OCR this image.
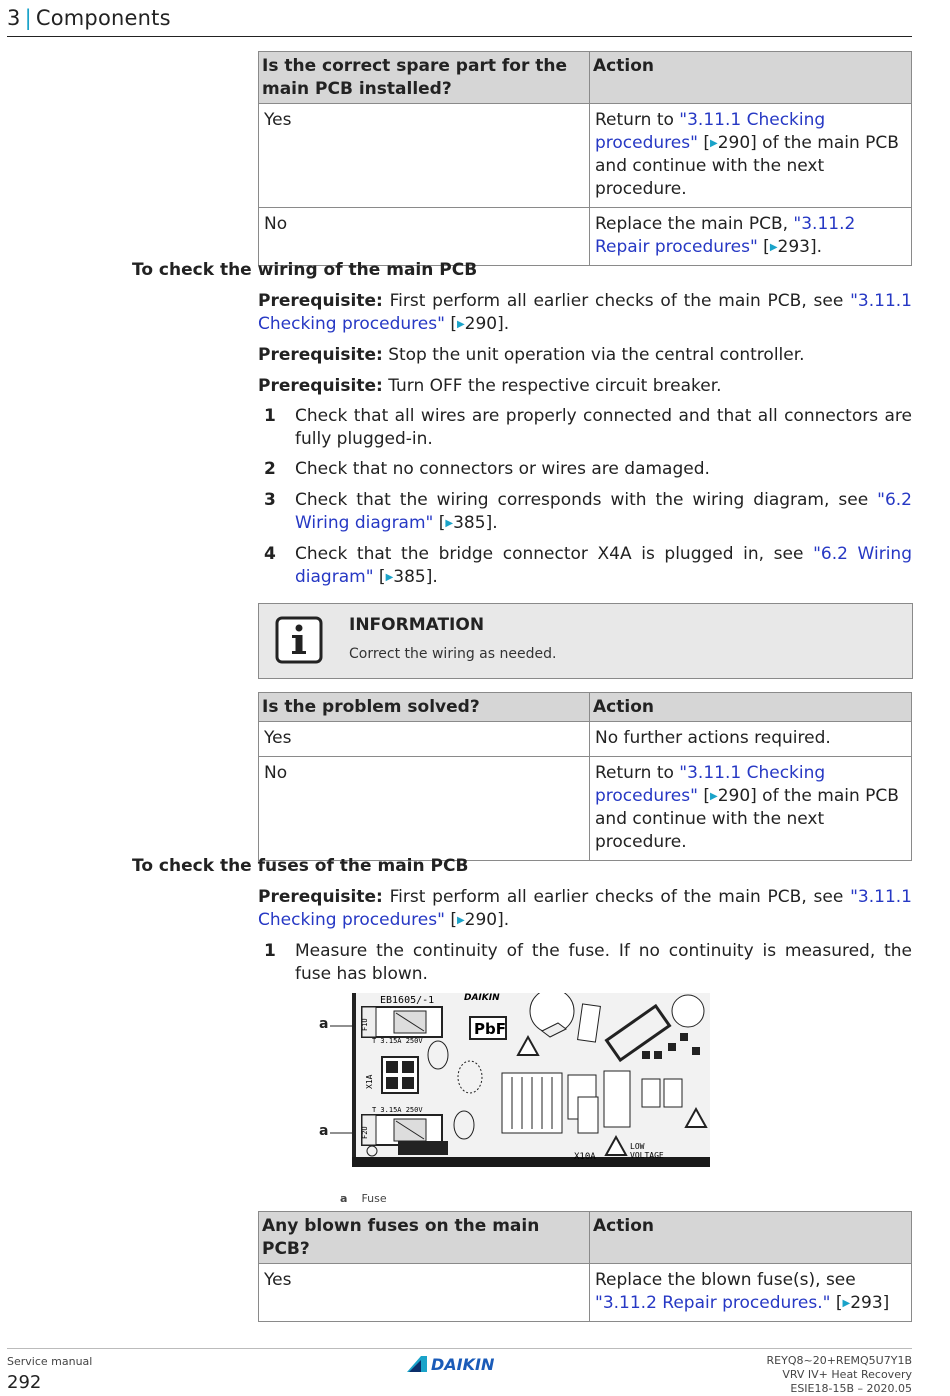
3 | Components
Is the correct spare part for the main PCB installed?	Action
Yes	Return to "3.11.1 Checking procedures" [▶290] of the main PCB and continue with the next procedure.
No	Replace the main PCB, "3.11.2 Repair procedures" [▶293].
To check the wiring of the main PCB
Prerequisite: First perform all earlier checks of the main PCB, see "3.11.1 Checking procedures" [▶290].
Prerequisite: Stop the unit operation via the central controller.
Prerequisite: Turn OFF the respective circuit breaker.
1 Check that all wires are properly connected and that all connectors are fully plugged-in.
2 Check that no connectors or wires are damaged.
3 Check that the wiring corresponds with the wiring diagram, see "6.2 Wiring diagram" [▶385].
4 Check that the bridge connector X4A is plugged in, see "6.2 Wiring diagram" [▶385].
INFORMATION
Correct the wiring as needed.
Is the problem solved?	Action
Yes	No further actions required.
No	Return to "3.11.1 Checking procedures" [▶290] of the main PCB and continue with the next procedure.
To check the fuses of the main PCB
Prerequisite: First perform all earlier checks of the main PCB, see "3.11.1 Checking procedures" [▶290].
1 Measure the continuity of the fuse. If no continuity is measured, the fuse has blown.
a
a
F1U
T 3.15A 250V
F2U
T 3.15A 250V
X1A
EB1605/-1	DAIKIN
PbF
X10A
LOW
VOLTAGE
a Fuse
Any blown fuses on the main PCB?	Action
Yes	Replace the blown fuse(s), see "3.11.2 Repair procedures." [▶293]
Service manual
292
DAIKIN	REYQ8~20+REMQ5U7Y1B
VRV IV+ Heat Recovery
ESIE18-15B – 2020.05
